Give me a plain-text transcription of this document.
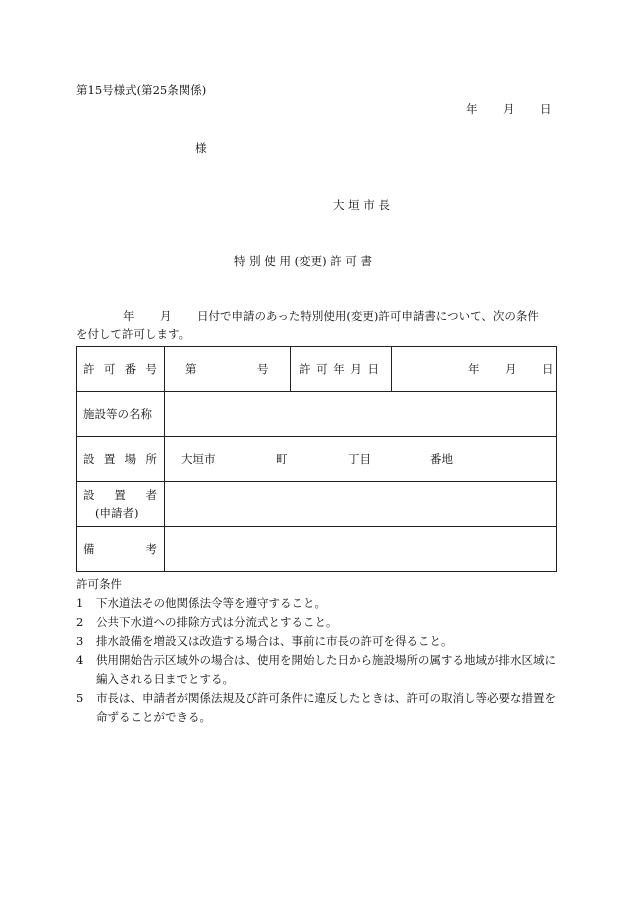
第15号様式(第25条関係)
年 月 日
様
大 垣 市 長
特 別 使 用 (変更) 許 可 書
年 月 日付で申請のあった特別使用(変更)許可申請書について、次の条件
を付して許可します。
許 可 番 号	第 号	許 可 年 月 日	年 月 日

施設等の名称			

設 置 場 所	大垣市 町 丁目 番地		

設 置 者
(申請者)			

備 考			

許可条件
1 下水道法その他関係法令等を遵守すること。
2 公共下水道への排除方式は分流式とすること。
3 排水設備を増設又は改造する場合は、事前に市長の許可を得ること。
4 供用開始告示区域外の場合は、使用を開始した日から施設場所の属する地域が排水区域に編入される日までとする。
5 市長は、申請者が関係法規及び許可条件に違反したときは、許可の取消し等必要な措置を命ずることができる。
